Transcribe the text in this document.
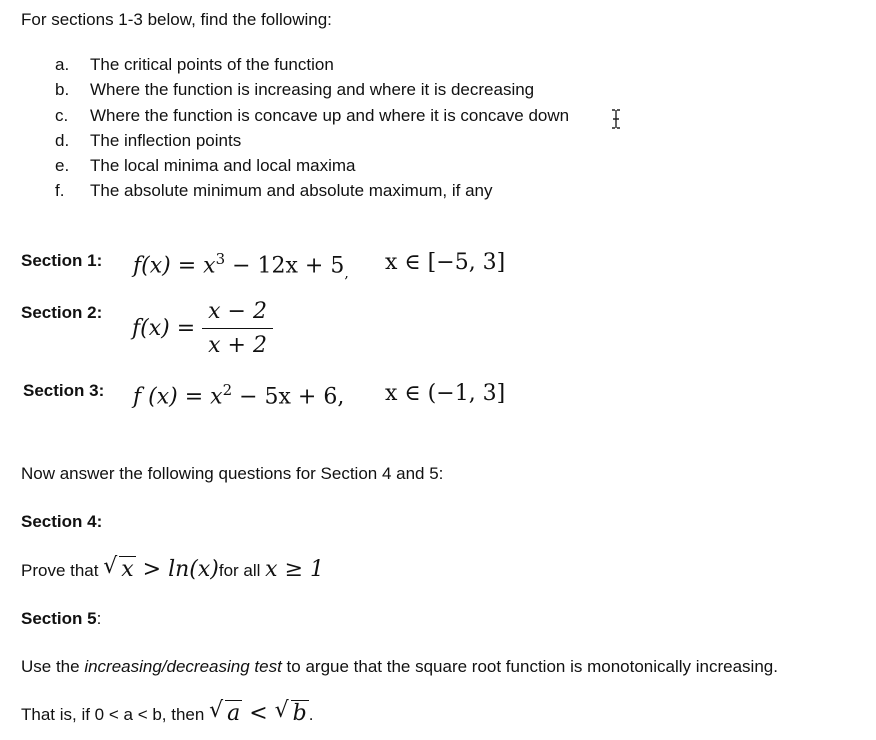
For sections 1-3 below, find the following:
a. The critical points of the function
b. Where the function is increasing and where it is decreasing
c. Where the function is concave up and where it is concave down
d. The inflection points
e. The local minima and local maxima
f. The absolute minimum and absolute maximum, if any
Section 1: $f(x) = x^3 - 12x + 5_,$ x ∈ [−5, 3]
Section 2:
$f(x) = \frac{x - 2}{x + 2}$
Section 3: f $(x) = x^2 - 5x + 6$, x ∈ (−1, 3]
Now answer the following questions for Section 4 and 5:
Section 4:
Prove that √ x > ln(x)for all x ≥ 1
Section 5:
Use the increasing/decreasing test to argue that the square root function is monotonically increasing.
That is, if 0 < a < b, then √ a < √ b .
